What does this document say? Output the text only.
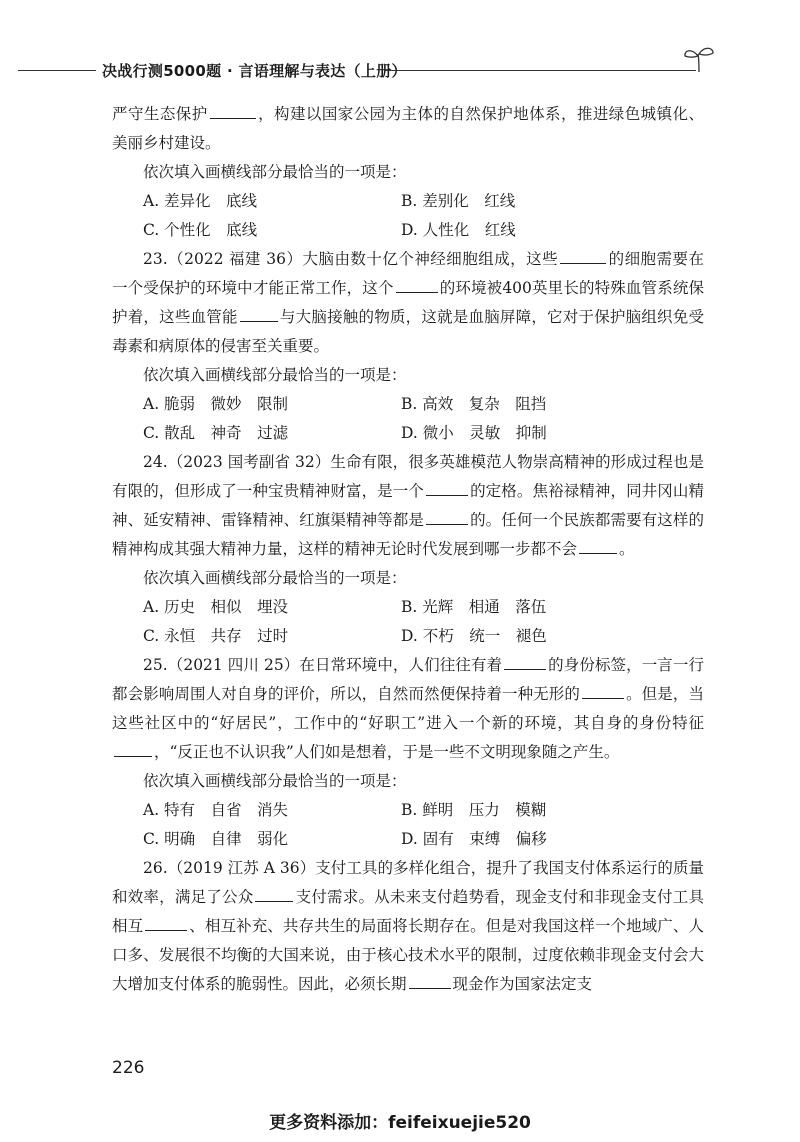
决战行测5000题 · 言语理解与表达（上册）

严守生态保护	，构建以国家公园为主体的自然保护地体系，推进绿色城镇化、美丽乡村建设。

依次填入画横线部分最恰当的一项是：
A. 差异化　底线	B. 差别化　红线
C. 个性化　底线	D. 人性化　红线

23.（2022 福建 36）大脑由数十亿个神经细胞组成，这些	的细胞需要在一个受保护的环境中才能正常工作，这个	的环境被400英里长的特殊血管系统保护着，这些血管能	与大脑接触的物质，这就是血脑屏障，它对于保护脑组织免受毒素和病原体的侵害至关重要。

依次填入画横线部分最恰当的一项是：
A. 脆弱　微妙　限制	B. 高效　复杂　阻挡
C. 散乱　神奇　过滤	D. 微小　灵敏　抑制

24.（2023 国考副省 32）生命有限，很多英雄模范人物崇高精神的形成过程也是有限的，但形成了一种宝贵精神财富，是一个	的定格。焦裕禄精神，同井冈山精神、延安精神、雷锋精神、红旗渠精神等都是	的。任何一个民族都需要有这样的精神构成其强大精神力量，这样的精神无论时代发展到哪一步都不会	。

依次填入画横线部分最恰当的一项是：
A. 历史　相似　埋没	B. 光辉　相通　落伍
C. 永恒　共存　过时	D. 不朽　统一　褪色

25.（2021 四川 25）在日常环境中，人们往往有着	的身份标签，一言一行都会影响周围人对自身的评价，所以，自然而然便保持着一种无形的	。但是，当这些社区中的“好居民”，工作中的“好职工”进入一个新的环境，其自身的身份特征，“反正也不认识我”人们如是想着，于是一些不文明现象随之产生。

依次填入画横线部分最恰当的一项是：
A. 特有　自省　消失	B. 鲜明　压力　模糊
C. 明确　自律　弱化	D. 固有　束缚　偏移

26.（2019 江苏 A 36）支付工具的多样化组合，提升了我国支付体系运行的质量和效率，满足了公众	支付需求。从未来支付趋势看，现金支付和非现金支付工具相互	、相互补充、共存共生的局面将长期存在。但是对我国这样一个地域广、人口多、发展很不均衡的大国来说，由于核心技术水平的限制，过度依赖非现金支付会大大增加支付体系的脆弱性。因此，必须长期	现金作为国家法定支

226
更多资料添加：feifeixuejie520
